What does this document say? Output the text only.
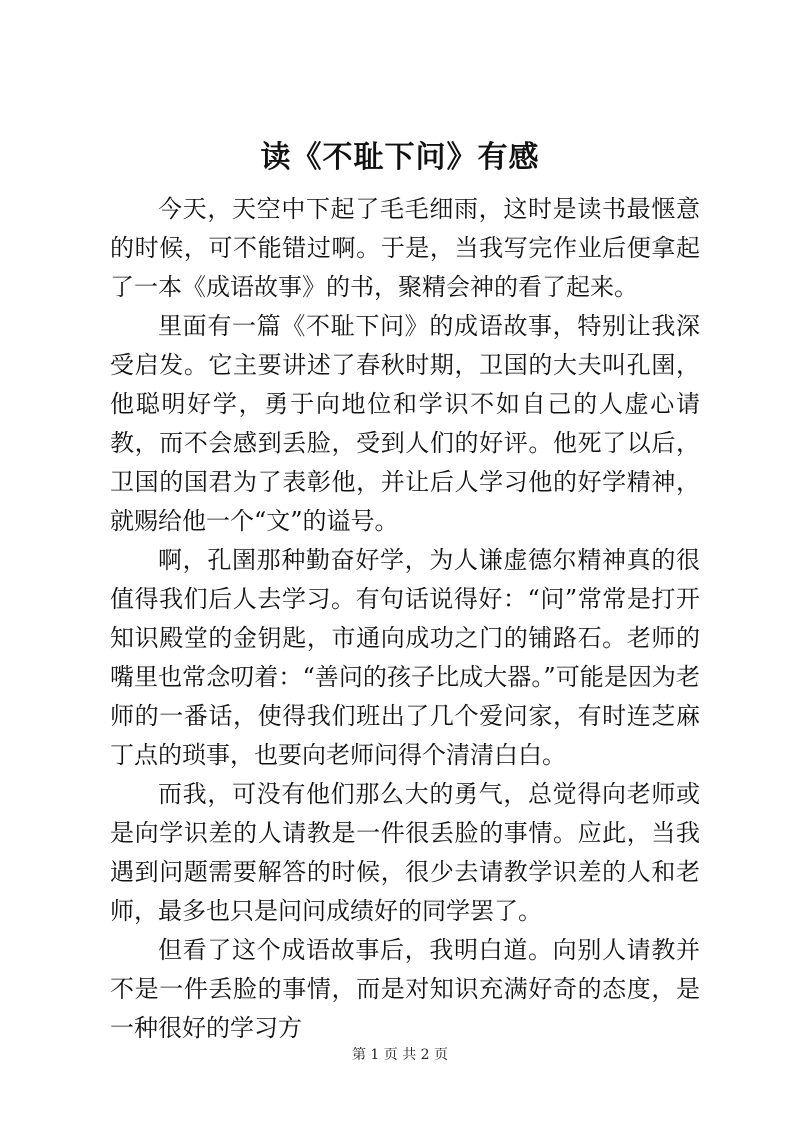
读《不耻下问》有感

今天，天空中下起了毛毛细雨，这时是读书最惬意的时候，可不能错过啊。于是，当我写完作业后便拿起了一本《成语故事》的书，聚精会神的看了起来。

里面有一篇《不耻下问》的成语故事，特别让我深受启发。它主要讲述了春秋时期，卫国的大夫叫孔圉，他聪明好学，勇于向地位和学识不如自己的人虚心请教，而不会感到丢脸，受到人们的好评。他死了以后，卫国的国君为了表彰他，并让后人学习他的好学精神，就赐给他一个“文”的谥号。

啊，孔圉那种勤奋好学，为人谦虚德尔精神真的很值得我们后人去学习。有句话说得好：“问”常常是打开知识殿堂的金钥匙，市通向成功之门的铺路石。老师的嘴里也常念叨着：“善问的孩子比成大器。”可能是因为老师的一番话，使得我们班出了几个爱问家，有时连芝麻丁点的琐事，也要向老师问得个清清白白。

而我，可没有他们那么大的勇气，总觉得向老师或是向学识差的人请教是一件很丢脸的事情。应此，当我遇到问题需要解答的时候，很少去请教学识差的人和老师，最多也只是问问成绩好的同学罢了。

但看了这个成语故事后，我明白道。向别人请教并不是一件丢脸的事情，而是对知识充满好奇的态度，是一种很好的学习方

第 1 页 共 2 页
